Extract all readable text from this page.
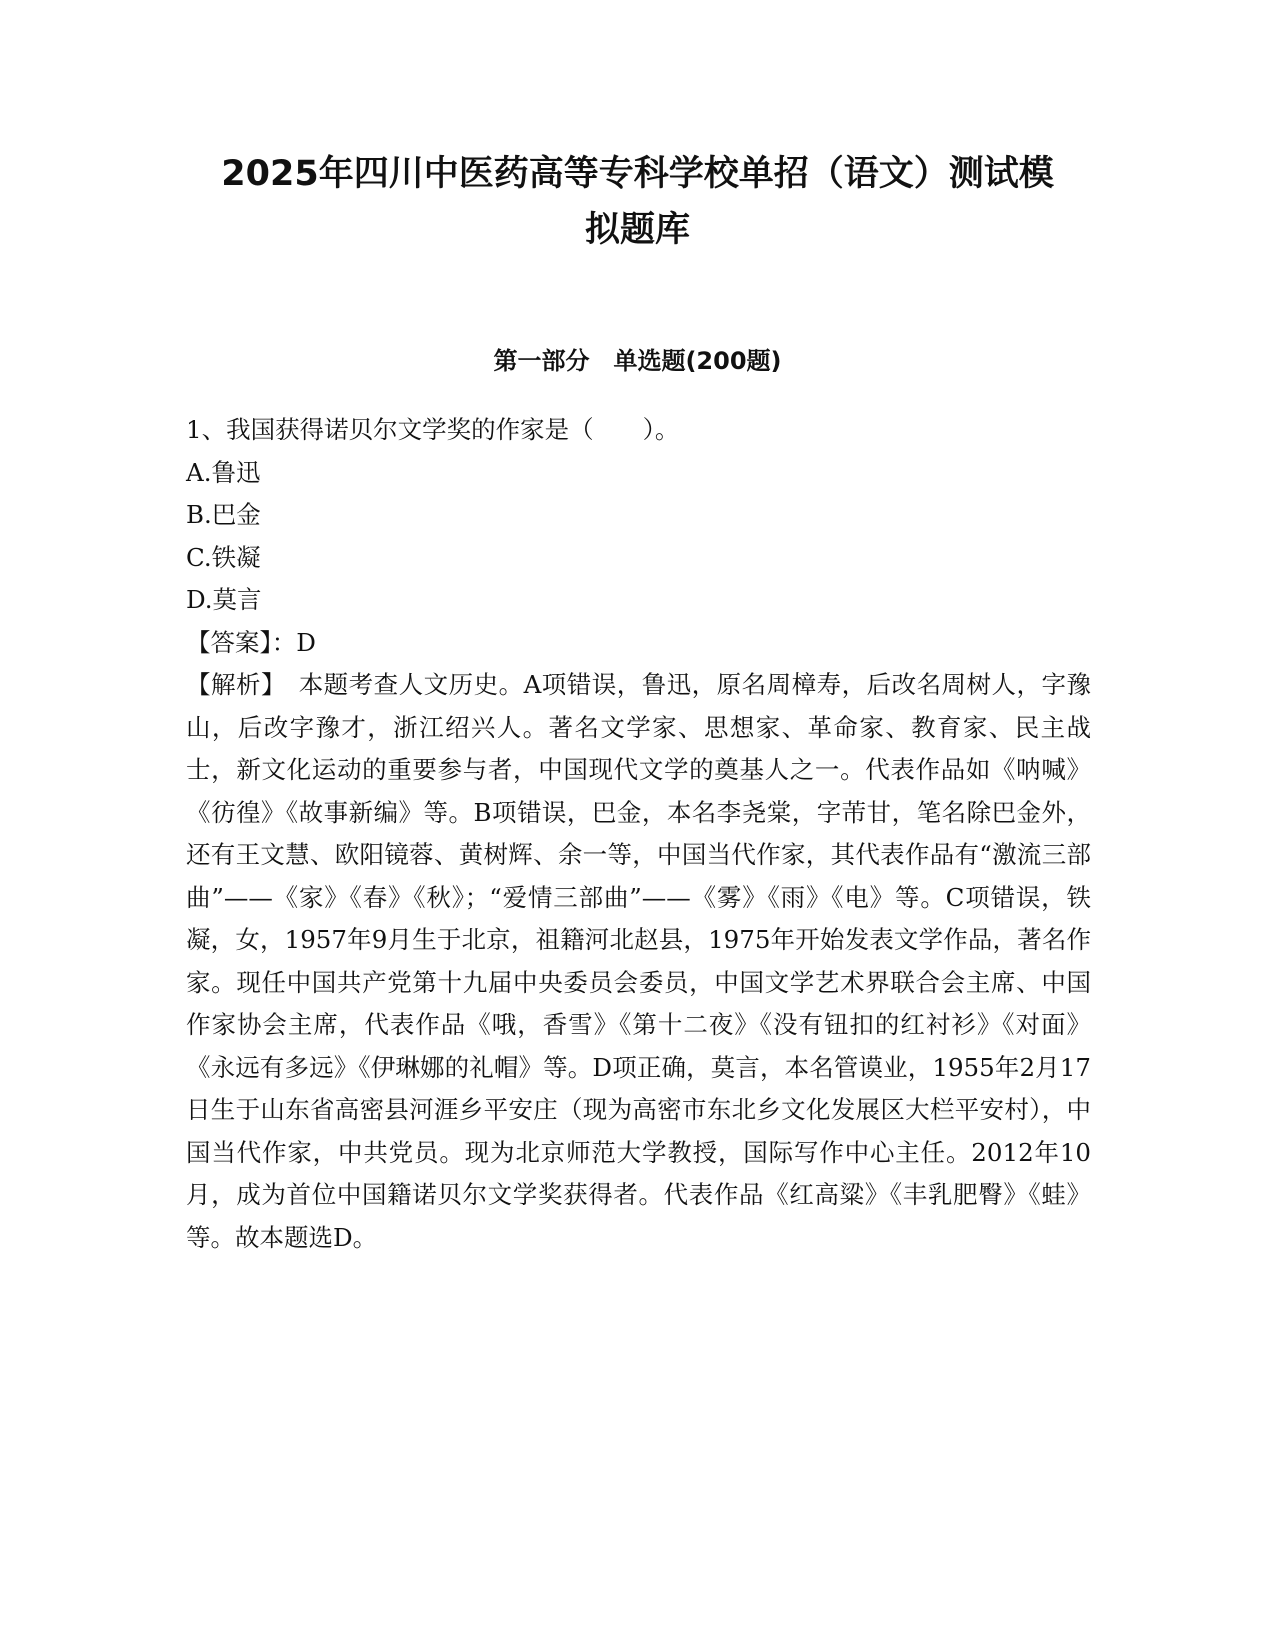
2025年四川中医药高等专科学校单招（语文）测试模
拟题库
第一部分　单选题(200题)

1、我国获得诺贝尔文学奖的作家是（　　）。

A.鲁迅

B.巴金

C.铁凝

D.莫言

【答案】：D

【解析】　本题考查人文历史。A项错误，鲁迅，原名周樟寿，后改名周树人，字豫山，后改字豫才，浙江绍兴人。著名文学家、思想家、革命家、教育家、民主战士，新文化运动的重要参与者，中国现代文学的奠基人之一。代表作品如《呐喊》《彷徨》《故事新编》等。B项错误，巴金，本名李尧棠，字芾甘，笔名除巴金外，还有王文慧、欧阳镜蓉、黄树辉、余一等，中国当代作家，其代表作品有“激流三部曲”——《家》《春》《秋》；“爱情三部曲”——《雾》《雨》《电》等。C项错误，铁凝，女，1957年9月生于北京，祖籍河北赵县，1975年开始发表文学作品，著名作家。现任中国共产党第十九届中央委员会委员，中国文学艺术界联合会主席、中国作家协会主席，代表作品《哦，香雪》《第十二夜》《没有钮扣的红衬衫》《对面》《永远有多远》《伊琳娜的礼帽》等。D项正确，莫言，本名管谟业，1955年2月17日生于山东省高密县河涯乡平安庄（现为高密市东北乡文化发展区大栏平安村），中国当代作家，中共党员。现为北京师范大学教授，国际写作中心主任。2012年10月，成为首位中国籍诺贝尔文学奖获得者。代表作品《红高粱》《丰乳肥臀》《蛙》等。故本题选D。
